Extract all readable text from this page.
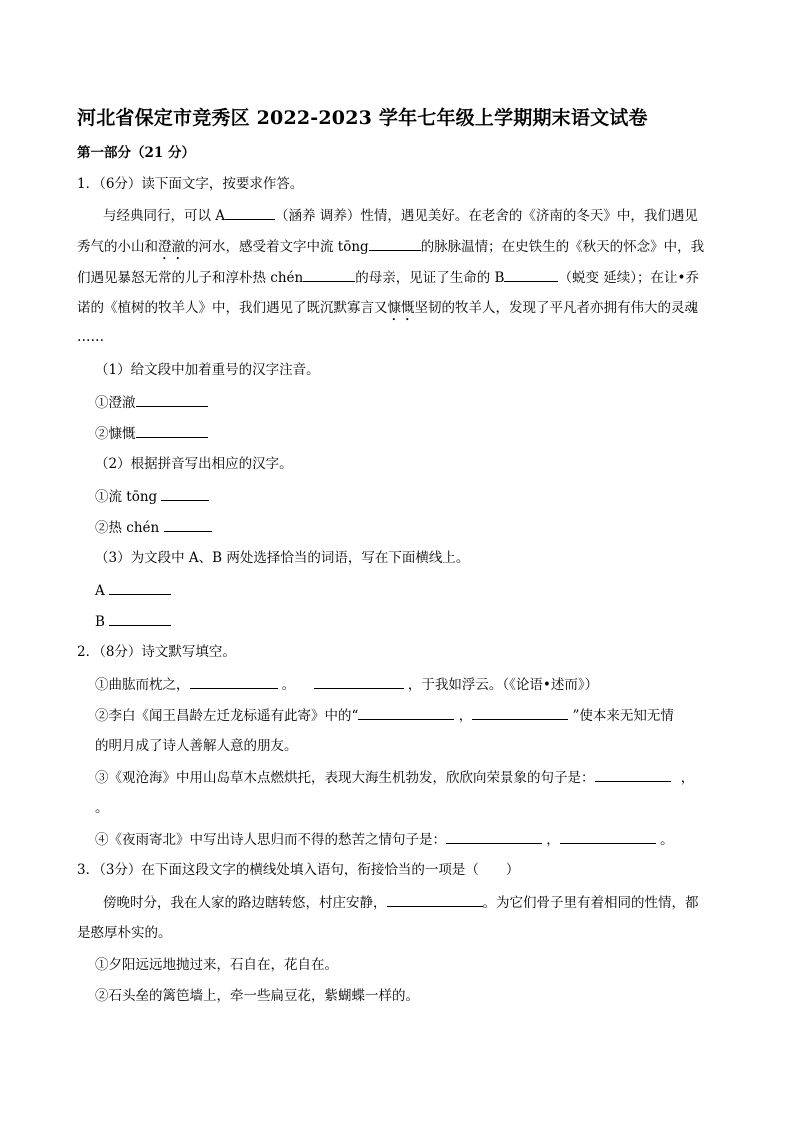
河北省保定市竞秀区 2022-2023 学年七年级上学期期末语文试卷
第一部分（21 分）
1．（6分）读下面文字，按要求作答。
与经典同行，可以 A	（涵养 调养）性情，遇见美好。在老舍的《济南的冬天》中，我们遇见
秀气的小山和澄澈的河水，感受着文字中流 tōng	的脉脉温情；在史铁生的《秋天的怀念》中，我
们遇见暴怒无常的儿子和淳朴热 chén	的母亲，见证了生命的 B	（蜕变 延续）；在让•乔
诺的《植树的牧羊人》中，我们遇见了既沉默寡言又慷慨坚韧的牧羊人，发现了平凡者亦拥有伟大的灵魂
……
（1）给文段中加着重号的汉字注音。
①澄澈
②慷慨
（2）根据拼音写出相应的汉字。
①流 tōng
②热 chén
（3）为文段中 A、B 两处选择恰当的词语，写在下面横线上。
A
B
2．（8分）诗文默写填空。
①曲肱而枕之，	。	，于我如浮云。（《论语•述而》）
②李白《闻王昌龄左迁龙标遥有此寄》中的“	，	”使本来无知无情
的明月成了诗人善解人意的朋友。
③《观沧海》中用山岛草木点燃烘托，表现大海生机勃发，欣欣向荣景象的句子是：	，
。
④《夜雨寄北》中写出诗人思归而不得的愁苦之情句子是：	，	。
3．（3分）在下面这段文字的横线处填入语句，衔接恰当的一项是（　　）
傍晚时分，我在人家的路边瞎转悠，村庄安静，	。为它们骨子里有着相同的性情，都
是憨厚朴实的。
①夕阳远远地抛过来，石自在，花自在。
②石头垒的篱笆墙上，牵一些扁豆花，紫蝴蝶一样的。
